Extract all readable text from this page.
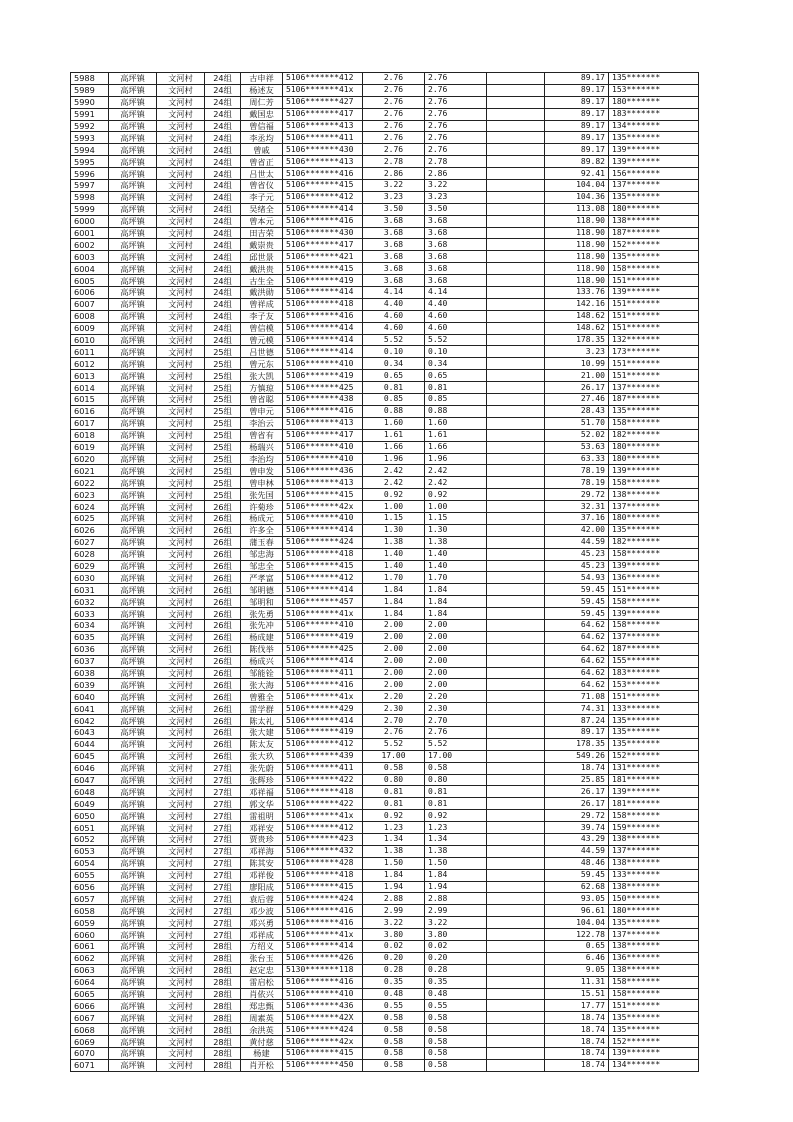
5988	高坪镇	文河村	24组	古申祥	5106*******412	2.76	2.76		89.17	135*******
5989	高坪镇	文河村	24组	杨述友	5106*******41x	2.76	2.76		89.17	153*******
5990	高坪镇	文河村	24组	周仁芳	5106*******427	2.76	2.76		89.17	180*******
5991	高坪镇	文河村	24组	戴国忠	5106*******417	2.76	2.76		89.17	183*******
5992	高坪镇	文河村	24组	曾信福	5106*******413	2.76	2.76		89.17	134*******
5993	高坪镇	文河村	24组	李丞均	5106*******411	2.76	2.76		89.17	135*******
5994	高坪镇	文河村	24组	曾戚	5106*******430	2.76	2.76		89.17	139*******
5995	高坪镇	文河村	24组	曾省正	5106*******413	2.78	2.78		89.82	139*******
5996	高坪镇	文河村	24组	吕世太	5106*******416	2.86	2.86		92.41	156*******
5997	高坪镇	文河村	24组	曾省仪	5106*******415	3.22	3.22		104.04	137*******
5998	高坪镇	文河村	24组	李子元	5106*******412	3.23	3.23		104.36	135*******
5999	高坪镇	文河村	24组	吴绪全	5106*******414	3.50	3.50		113.08	180*******
6000	高坪镇	文河村	24组	曾本元	5106*******416	3.68	3.68		118.90	138*******
6001	高坪镇	文河村	24组	田吉荣	5106*******430	3.68	3.68		118.90	187*******
6002	高坪镇	文河村	24组	戴崇贵	5106*******417	3.68	3.68		118.90	152*******
6003	高坪镇	文河村	24组	邱世景	5106*******421	3.68	3.68		118.90	135*******
6004	高坪镇	文河村	24组	戴洪贵	5106*******415	3.68	3.68		118.90	158*******
6005	高坪镇	文河村	24组	古生全	5106*******419	3.68	3.68		118.90	151*******
6006	高坪镇	文河村	24组	戴洪勋	5106*******414	4.14	4.14		133.76	139*******
6007	高坪镇	文河村	24组	曾祥成	5106*******418	4.40	4.40		142.16	151*******
6008	高坪镇	文河村	24组	李子友	5106*******416	4.60	4.60		148.62	151*******
6009	高坪镇	文河村	24组	曾信模	5106*******414	4.60	4.60		148.62	151*******
6010	高坪镇	文河村	24组	曾元模	5106*******414	5.52	5.52		178.35	132*******
6011	高坪镇	文河村	25组	吕世德	5106*******414	0.10	0.10		3.23	173*******
6012	高坪镇	文河村	25组	曾元东	5106*******410	0.34	0.34		10.99	151*******
6013	高坪镇	文河村	25组	张大凯	5106*******419	0.65	0.65		21.00	151*******
6014	高坪镇	文河村	25组	方慎琼	5106*******425	0.81	0.81		26.17	137*******
6015	高坪镇	文河村	25组	曾省聪	5106*******438	0.85	0.85		27.46	187*******
6016	高坪镇	文河村	25组	曾申元	5106*******416	0.88	0.88		28.43	135*******
6017	高坪镇	文河村	25组	李治云	5106*******413	1.60	1.60		51.70	158*******
6018	高坪镇	文河村	25组	曾省有	5106*******417	1.61	1.61		52.02	182*******
6019	高坪镇	文河村	25组	杨瑞兴	5106*******410	1.66	1.66		53.63	180*******
6020	高坪镇	文河村	25组	李治均	5106*******410	1.96	1.96		63.33	180*******
6021	高坪镇	文河村	25组	曾申发	5106*******436	2.42	2.42		78.19	139*******
6022	高坪镇	文河村	25组	曾申林	5106*******413	2.42	2.42		78.19	158*******
6023	高坪镇	文河村	25组	张先国	5106*******415	0.92	0.92		29.72	138*******
6024	高坪镇	文河村	26组	许菊珍	5106*******42x	1.00	1.00		32.31	137*******
6025	高坪镇	文河村	26组	杨成元	5106*******410	1.15	1.15		37.16	180*******
6026	高坪镇	文河村	26组	许多全	5106*******414	1.30	1.30		42.00	135*******
6027	高坪镇	文河村	26组	蒲玉春	5106*******424	1.38	1.38		44.59	182*******
6028	高坪镇	文河村	26组	邹忠海	5106*******418	1.40	1.40		45.23	158*******
6029	高坪镇	文河村	26组	邹忠全	5106*******415	1.40	1.40		45.23	139*******
6030	高坪镇	文河村	26组	严孝富	5106*******412	1.70	1.70		54.93	136*******
6031	高坪镇	文河村	26组	邹明德	5106*******414	1.84	1.84		59.45	151*******
6032	高坪镇	文河村	26组	邹明和	5106*******457	1.84	1.84		59.45	158*******
6033	高坪镇	文河村	26组	张先勇	5106*******41x	1.84	1.84		59.45	139*******
6034	高坪镇	文河村	26组	张先冲	5106*******410	2.00	2.00		64.62	158*******
6035	高坪镇	文河村	26组	杨成建	5106*******419	2.00	2.00		64.62	137*******
6036	高坪镇	文河村	26组	陈伐举	5106*******425	2.00	2.00		64.62	187*******
6037	高坪镇	文河村	26组	杨成兴	5106*******414	2.00	2.00		64.62	155*******
6038	高坪镇	文河村	26组	邹能铨	5106*******411	2.00	2.00		64.62	183*******
6039	高坪镇	文河村	26组	张大海	5106*******416	2.00	2.00		64.62	153*******
6040	高坪镇	文河村	26组	曾雅全	5106*******41x	2.20	2.20		71.08	151*******
6041	高坪镇	文河村	26组	雷学群	5106*******429	2.30	2.30		74.31	133*******
6042	高坪镇	文河村	26组	陈太礼	5106*******414	2.70	2.70		87.24	135*******
6043	高坪镇	文河村	26组	张大建	5106*******419	2.76	2.76		89.17	135*******
6044	高坪镇	文河村	26组	陈太友	5106*******412	5.52	5.52		178.35	135*******
6045	高坪镇	文河村	26组	张大玖	5106*******439	17.00	17.00		549.26	152*******
6046	高坪镇	文河村	27组	张先蔚	5106*******411	0.58	0.58		18.74	131*******
6047	高坪镇	文河村	27组	张辉珍	5106*******422	0.80	0.80		25.85	181*******
6048	高坪镇	文河村	27组	邓祥福	5106*******418	0.81	0.81		26.17	139*******
6049	高坪镇	文河村	27组	郭文华	5106*******422	0.81	0.81		26.17	181*******
6050	高坪镇	文河村	27组	雷祖明	5106*******41x	0.92	0.92		29.72	158*******
6051	高坪镇	文河村	27组	邓祥安	5106*******412	1.23	1.23		39.74	159*******
6052	高坪镇	文河村	27组	贾贵珍	5106*******423	1.34	1.34		43.29	138*******
6053	高坪镇	文河村	27组	邓祥海	5106*******432	1.38	1.38		44.59	137*******
6054	高坪镇	文河村	27组	陈其安	5106*******428	1.50	1.50		48.46	138*******
6055	高坪镇	文河村	27组	邓祥俊	5106*******418	1.84	1.84		59.45	133*******
6056	高坪镇	文河村	27组	廖阳成	5106*******415	1.94	1.94		62.68	138*******
6057	高坪镇	文河村	27组	袁后蓉	5106*******424	2.88	2.88		93.05	150*******
6058	高坪镇	文河村	27组	邓少波	5106*******416	2.99	2.99		96.61	180*******
6059	高坪镇	文河村	27组	邓兴勇	5106*******416	3.22	3.22		104.04	135*******
6060	高坪镇	文河村	27组	邓祥成	5106*******41x	3.80	3.80		122.78	137*******
6061	高坪镇	文河村	28组	方绍义	5106*******414	0.02	0.02		0.65	138*******
6062	高坪镇	文河村	28组	张台玉	5106*******426	0.20	0.20		6.46	136*******
6063	高坪镇	文河村	28组	赵定忠	5130*******118	0.28	0.28		9.05	138*******
6064	高坪镇	文河村	28组	雷启松	5106*******416	0.35	0.35		11.31	158*******
6065	高坪镇	文河村	28组	肖依兴	5106*******410	0.48	0.48		15.51	158*******
6066	高坪镇	文河村	28组	郑忠甄	5106*******436	0.55	0.55		17.77	151*******
6067	高坪镇	文河村	28组	周素英	5106*******42X	0.58	0.58		18.74	135*******
6068	高坪镇	文河村	28组	余洪英	5106*******424	0.58	0.58		18.74	135*******
6069	高坪镇	文河村	28组	黄付慈	5106*******42x	0.58	0.58		18.74	152*******
6070	高坪镇	文河村	28组	杨建	5106*******415	0.58	0.58		18.74	139*******
6071	高坪镇	文河村	28组	肖开松	5106*******450	0.58	0.58		18.74	134*******
